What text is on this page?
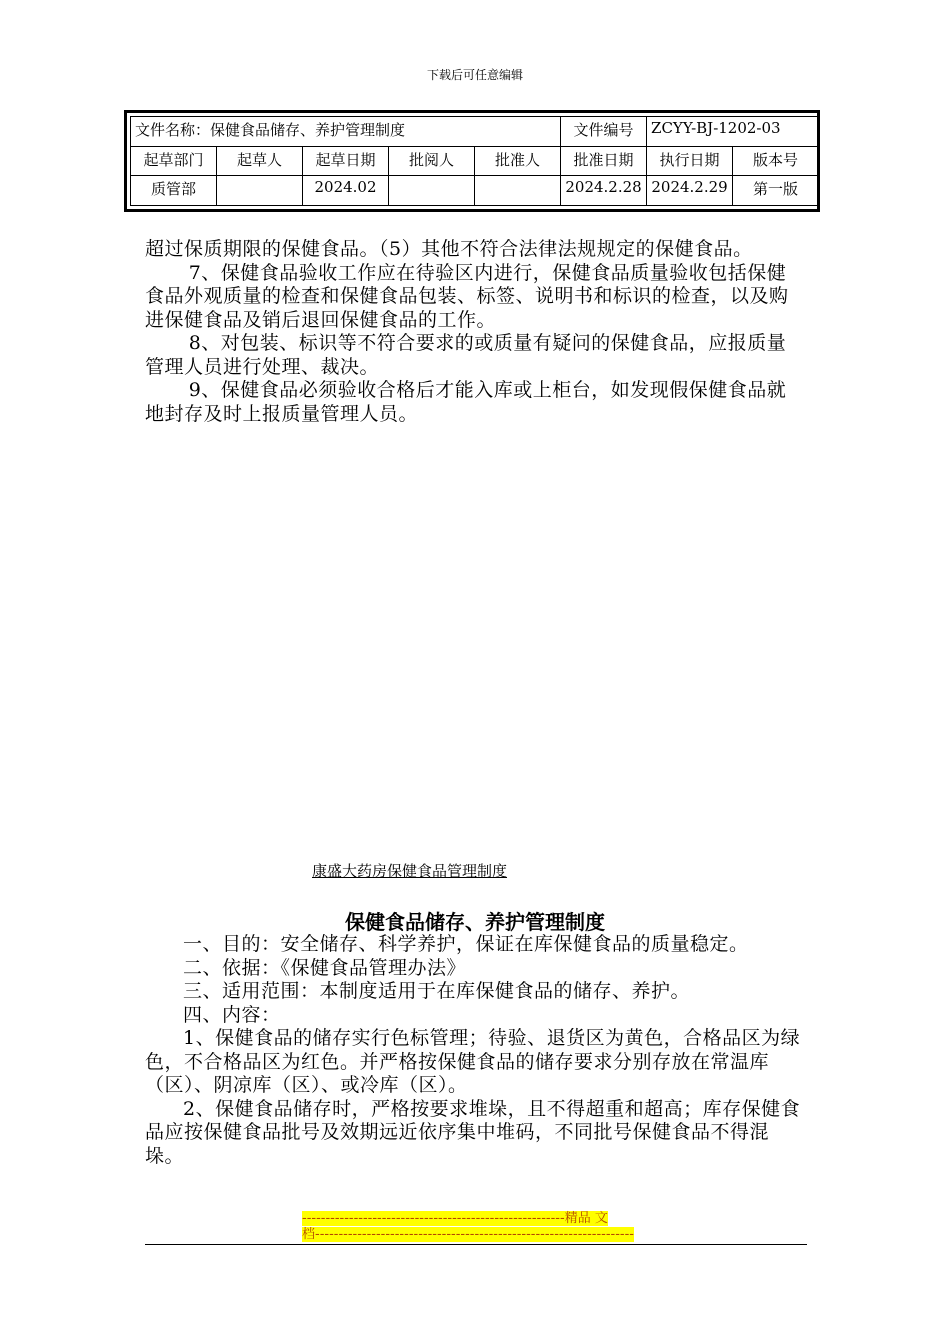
下载后可任意编辑
文件名称：保健食品储存、养护管理制度					文件编号	ZCYY-BJ-1202-03	
起草部门	起草人	起草日期	批阅人	批准人	批准日期	执行日期	版本号
质管部		2024.02			2024.2.28	2024.2.29	第一版

超过保质期限的保健食品。（5）其他不符合法律法规规定的保健食品。

7、保健食品验收工作应在待验区内进行，保健食品质量验收包括保健食品外观质量的检查和保健食品包装、标签、说明书和标识的检查，以及购进保健食品及销后退回保健食品的工作。

8、对包装、标识等不符合要求的或质量有疑问的保健食品，应报质量管理人员进行处理、裁决。

9、保健食品必须验收合格后才能入库或上柜台，如发现假保健食品就地封存及时上报质量管理人员。

康盛大药房保健食品管理制度
保健食品储存、养护管理制度

一、目的：安全储存、科学养护，保证在库保健食品的质量稳定。

二、依据：《保健食品管理办法》

三、适用范围：本制度适用于在库保健食品的储存、养护。

四、内容：

1、保健食品的储存实行色标管理；待验、退货区为黄色，合格品区为绿色，不合格品区为红色。并严格按保健食品的储存要求分别存放在常温库（区）、阴凉库（区）、或冷库（区）。

2、保健食品储存时，严格按要求堆垛，且不得超重和超高；库存保健食品应按保健食品批号及效期远近依序集中堆码，不同批号保健食品不得混垛。

--------------------------------------------------------精品 文
档--------------------------------------------------------------------
